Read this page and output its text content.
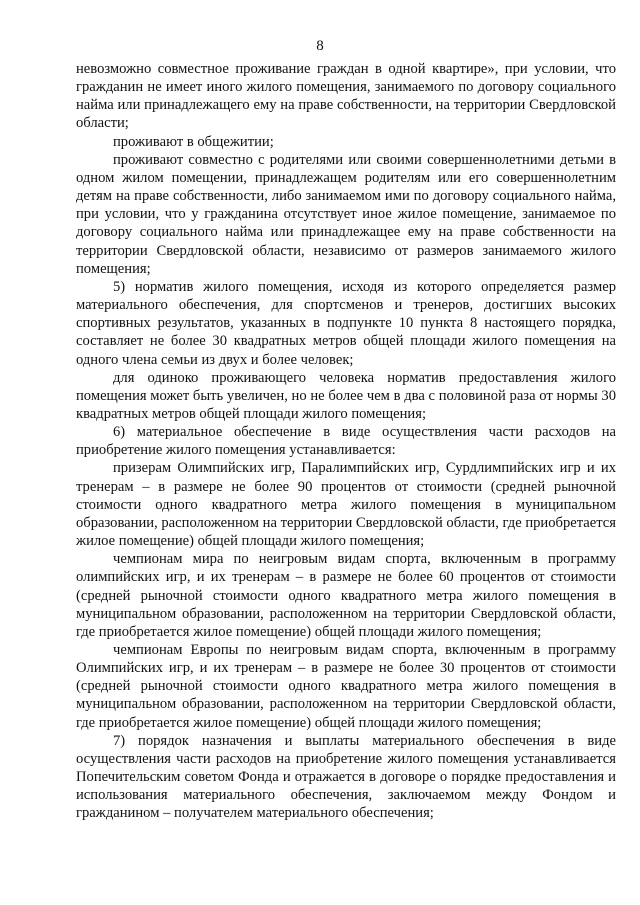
8

невозможно совместное проживание граждан в одной квартире», при условии, что гражданин не имеет иного жилого помещения, занимаемого по договору социального найма или принадлежащего ему на праве собственности, на территории Свердловской области;

проживают в общежитии;

проживают совместно с родителями или своими совершеннолетними детьми в одном жилом помещении, принадлежащем родителям или его совершеннолетним детям на праве собственности, либо занимаемом ими по договору социального найма, при условии, что у гражданина отсутствует иное жилое помещение, занимаемое по договору социального найма или принадлежащее ему на праве собственности на территории Свердловской области, независимо от размеров занимаемого жилого помещения;

5) норматив жилого помещения, исходя из которого определяется размер материального обеспечения, для спортсменов и тренеров, достигших высоких спортивных результатов, указанных в подпункте 10 пункта 8 настоящего порядка, составляет не более 30 квадратных метров общей площади жилого помещения на одного члена семьи из двух и более человек;

для одиноко проживающего человека норматив предоставления жилого помещения может быть увеличен, но не более чем в два с половиной раза от нормы 30 квадратных метров общей площади жилого помещения;

6) материальное обеспечение в виде осуществления части расходов на приобретение жилого помещения устанавливается:

призерам Олимпийских игр, Паралимпийских игр, Сурдлимпийских игр и их тренерам – в размере не более 90 процентов от стоимости (средней рыночной стоимости одного квадратного метра жилого помещения в муниципальном образовании, расположенном на территории Свердловской области, где приобретается жилое помещение) общей площади жилого помещения;

чемпионам мира по неигровым видам спорта, включенным в программу олимпийских игр, и их тренерам – в размере не более 60 процентов от стоимости (средней рыночной стоимости одного квадратного метра жилого помещения в муниципальном образовании, расположенном на территории Свердловской области, где приобретается жилое помещение) общей площади жилого помещения;

чемпионам Европы по неигровым видам спорта, включенным в программу Олимпийских игр, и их тренерам – в размере не более 30 процентов от стоимости (средней рыночной стоимости одного квадратного метра жилого помещения в муниципальном образовании, расположенном на территории Свердловской области, где приобретается жилое помещение) общей площади жилого помещения;

7) порядок назначения и выплаты материального обеспечения в виде осуществления части расходов на приобретение жилого помещения устанавливается Попечительским советом Фонда и отражается в договоре о порядке предоставления и использования материального обеспечения, заключаемом между Фондом и гражданином – получателем материального обеспечения;
